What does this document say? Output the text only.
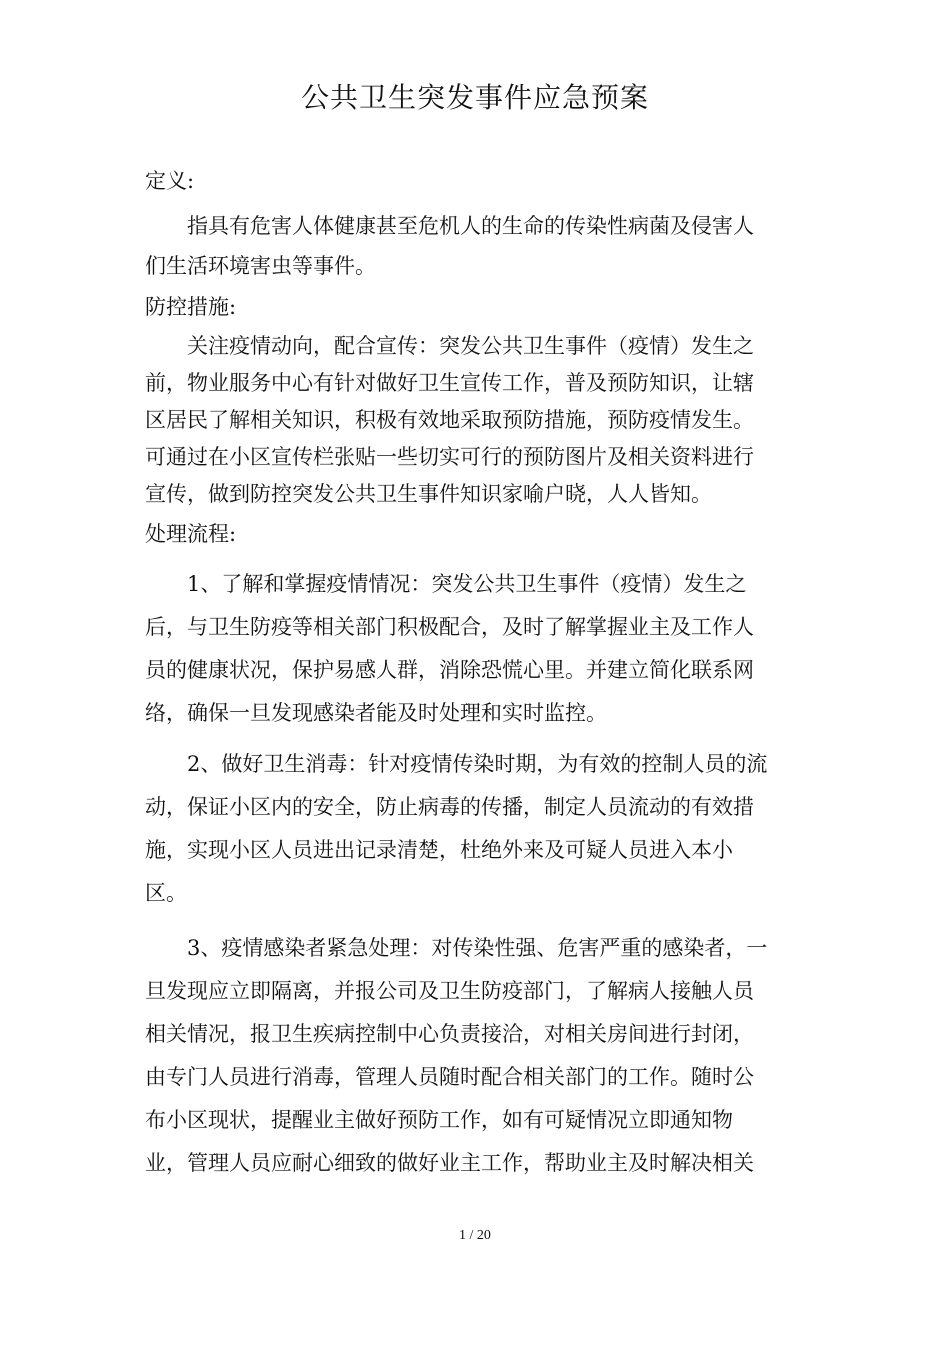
公共卫生突发事件应急预案
定义:

指具有危害人体健康甚至危机人的生命的传染性病菌及侵害人
们生活环境害虫等事件。

防控措施:

关注疫情动向，配合宣传：突发公共卫生事件（疫情）发生之
前，物业服务中心有针对做好卫生宣传工作，普及预防知识，让辖
区居民了解相关知识，积极有效地采取预防措施，预防疫情发生。
可通过在小区宣传栏张贴一些切实可行的预防图片及相关资料进行
宣传，做到防控突发公共卫生事件知识家喻户晓，人人皆知。

处理流程:

1、了解和掌握疫情情况：突发公共卫生事件（疫情）发生之
后，与卫生防疫等相关部门积极配合，及时了解掌握业主及工作人
员的健康状况，保护易感人群，消除恐慌心里。并建立简化联系网
络，确保一旦发现感染者能及时处理和实时监控。

2、做好卫生消毒：针对疫情传染时期，为有效的控制人员的流
动，保证小区内的安全，防止病毒的传播，制定人员流动的有效措
施，实现小区人员进出记录清楚，杜绝外来及可疑人员进入本小
区。

3、疫情感染者紧急处理：对传染性强、危害严重的感染者，一
旦发现应立即隔离，并报公司及卫生防疫部门，了解病人接触人员
相关情况，报卫生疾病控制中心负责接洽，对相关房间进行封闭，
由专门人员进行消毒，管理人员随时配合相关部门的工作。随时公
布小区现状，提醒业主做好预防工作，如有可疑情况立即通知物
业，管理人员应耐心细致的做好业主工作，帮助业主及时解决相关

1 / 20
